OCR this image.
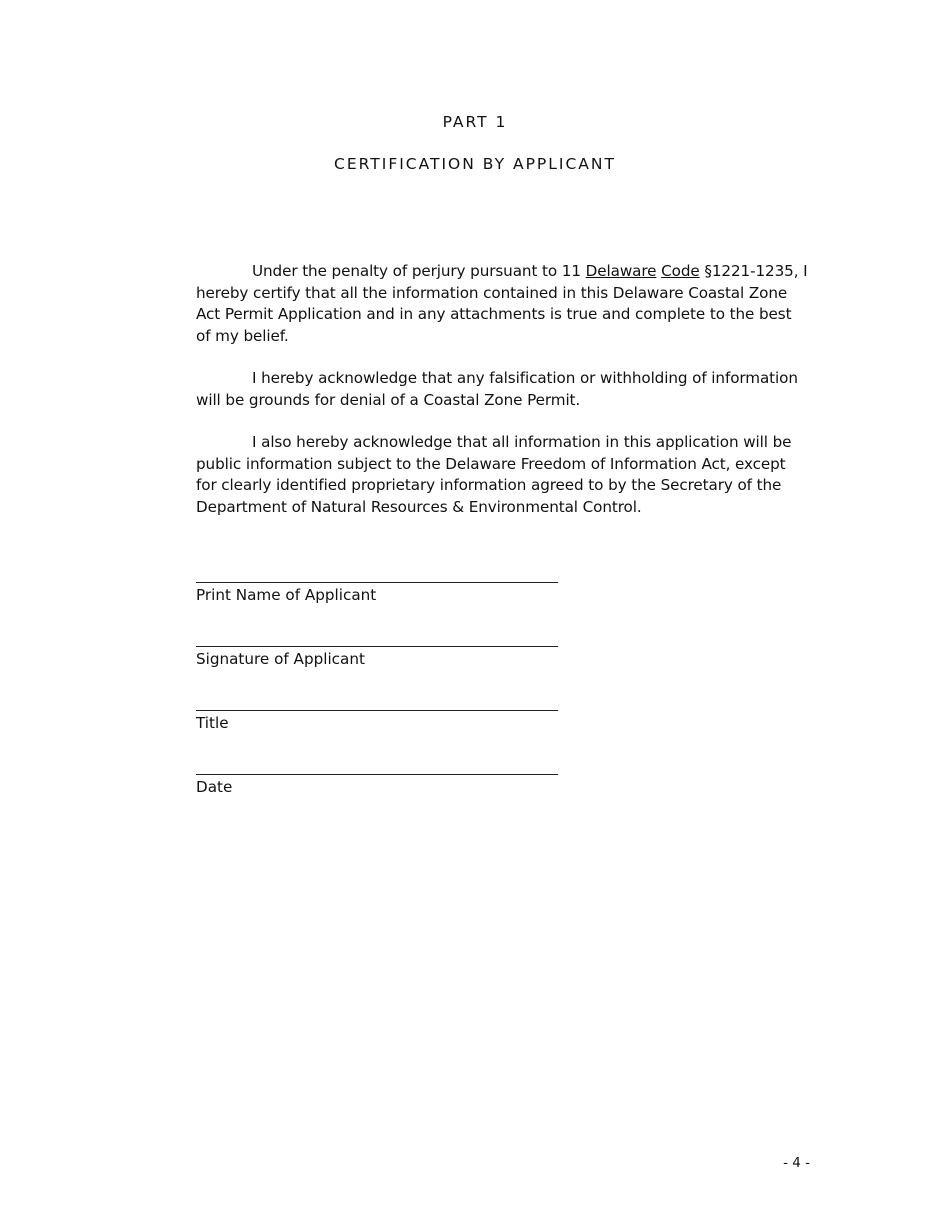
PART 1
CERTIFICATION BY APPLICANT

Under the penalty of perjury pursuant to 11 Delaware Code §1221-1235, I hereby certify that all the information contained in this Delaware Coastal Zone Act Permit Application and in any attachments is true and complete to the best of my belief.

I hereby acknowledge that any falsification or withholding of information will be grounds for denial of a Coastal Zone Permit.

I also hereby acknowledge that all information in this application will be public information subject to the Delaware Freedom of Information Act, except for clearly identified proprietary information agreed to by the Secretary of the Department of Natural Resources & Environmental Control.

Print Name of Applicant
Signature of Applicant
Title
Date
- 4 -
